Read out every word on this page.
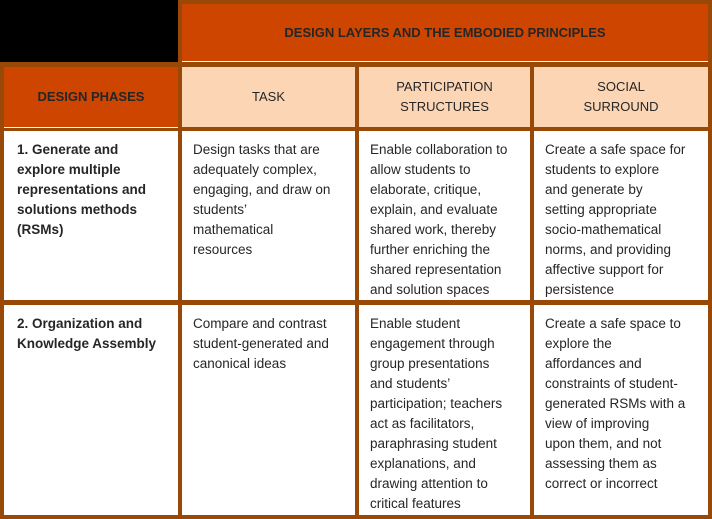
DESIGN LAYERS AND THE EMBODIED PRINCIPLES
DESIGN PHASES	TASK
PARTICIPATION
STRUCTURES
SOCIAL
SURROUND
1. Generate and
explore multiple
representations and
solutions methods
(RSMs)
Design tasks that are
adequately complex,
engaging, and draw on
students’
mathematical
resources
Enable collaboration to
allow students to
elaborate, critique,
explain, and evaluate
shared work, thereby
further enriching the
shared representation
and solution spaces
Create a safe space for
students to explore
and generate by
setting appropriate
socio-mathematical
norms, and providing
affective support for
persistence
2. Organization and
Knowledge Assembly
Compare and contrast
student-generated and
canonical ideas
Enable student
engagement through
group presentations
and students’
participation; teachers
act as facilitators,
paraphrasing student
explanations, and
drawing attention to
critical features
Create a safe space to
explore the
affordances and
constraints of student-
generated RSMs with a
view of improving
upon them, and not
assessing them as
correct or incorrect
